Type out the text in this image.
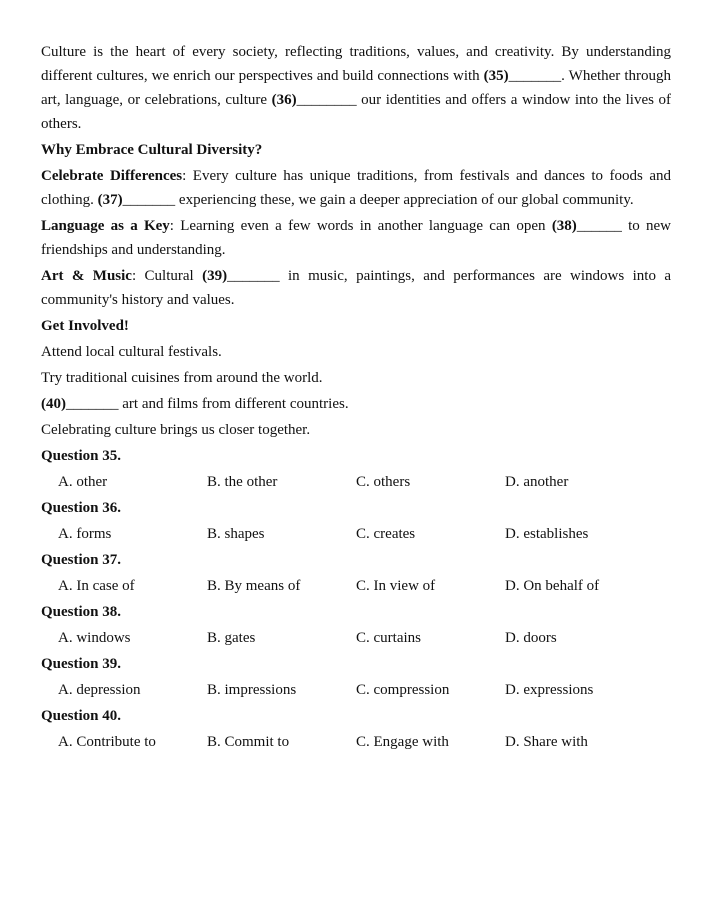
Culture is the heart of every society, reflecting traditions, values, and creativity. By understanding different cultures, we enrich our perspectives and build connections with (35)_______. Whether through art, language, or celebrations, culture (36)________ our identities and offers a window into the lives of others.

Why Embrace Cultural Diversity?

Celebrate Differences: Every culture has unique traditions, from festivals and dances to foods and clothing. (37)_______ experiencing these, we gain a deeper appreciation of our global community.

Language as a Key: Learning even a few words in another language can open (38)______ to new friendships and understanding.

Art & Music: Cultural (39)_______ in music, paintings, and performances are windows into a community's history and values.

Get Involved!

Attend local cultural festivals.

Try traditional cuisines from around the world.

(40)_______ art and films from different countries.

Celebrating culture brings us closer together.

Question 35.
A. other	B. the other	C. others	D. another
Question 36.
A. forms	B. shapes	C. creates	D. establishes
Question 37.
A. In case of	B. By means of	C. In view of	D. On behalf of
Question 38.
A. windows	B. gates	C. curtains	D. doors
Question 39.
A. depression	B. impressions	C. compression	D. expressions
Question 40.
A. Contribute to	B. Commit to	C. Engage with	D. Share with
